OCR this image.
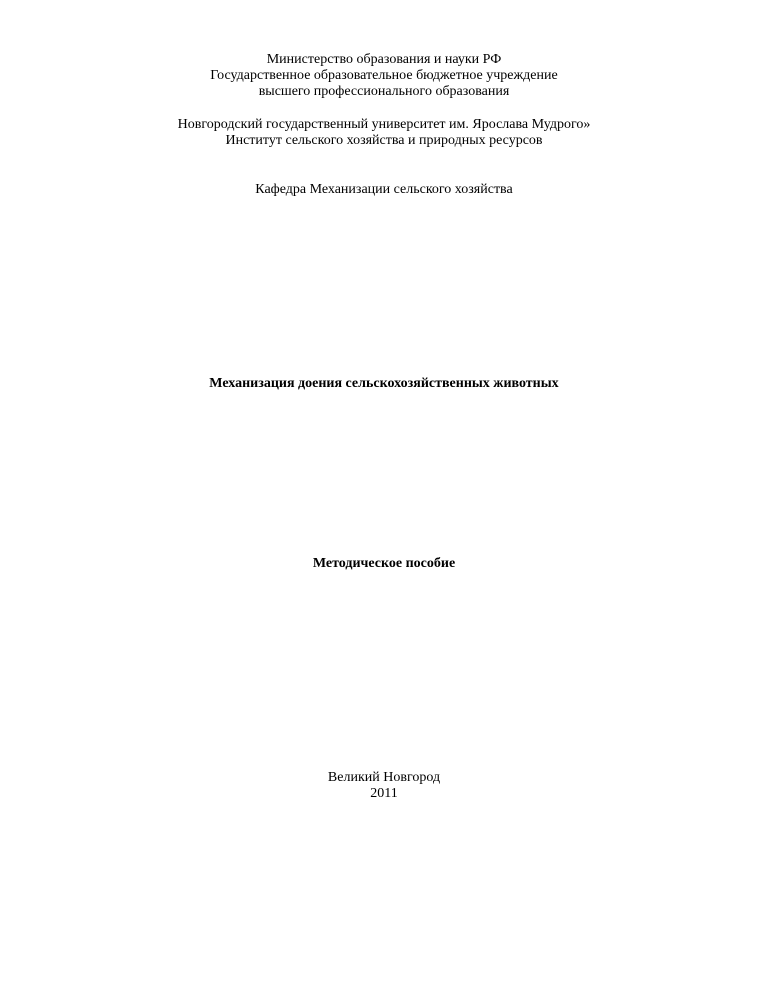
Министерство образования и науки РФ
Государственное образовательное бюджетное учреждение
высшего профессионального образования
Новгородский государственный университет им. Ярослава Мудрого»
Институт сельского хозяйства и природных ресурсов
Кафедра Механизации сельского хозяйства
Механизация доения сельскохозяйственных животных
Методическое пособие
Великий Новгород
2011
